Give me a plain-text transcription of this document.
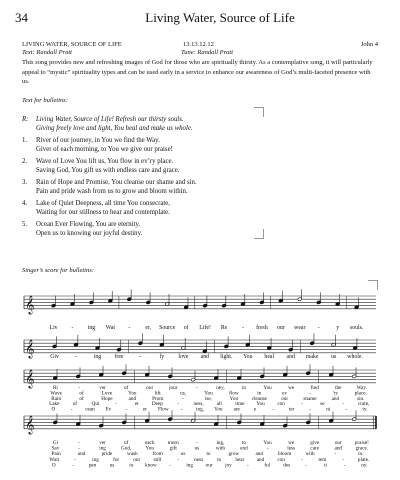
34	Living Water, Source of Life
LIVING WATER, SOURCE OF LIFE	13.13.12.12	John 4
Text: Randall Pratt	Tune: Randall Pratt
This song provides new and refreshing images of God for those who are spiritually thirsty. As a contemplative song, it will particularly appeal to “mystic” spirituality types and can be used early in a service to enhance our awareness of God’s multi-faceted presence with us.
Text for bulletins:
R: Living Water, Source of Life! Refresh our thirsty souls.
Giving freely love and light, You heal and make us whole.
1. River of our journey, in You we find the Way.
Giver of each morning, to You we give our praise!
2. Wave of Love You lift us, You flow in ev’ry place.
Saving God, You gift us with endless care and grace.
3. Rain of Hope and Promise, You cleanse our shame and sin.
Pain and pride wash from us to grow and bloom within.
4. Lake of Quiet Deepness, all time You consecrate,
Waiting for our stillness to hear and contemplate.
5. Ocean Ever Flowing, You are eternity.
Open us to knowing our joyful destiny.
Singer’s score for bulletins:
𝄞
Liv - ing Wat -	er, Source of Life! Re	- fresh our wear -	y souls.
𝄞	Giv	-	ing free	-	ly love and light. You heal and make us whole.
𝄞
Ri	-	ver	of	our	jour	-	ney,	in	You	we	find	the	Way.
Wave	of	Love	You	lift	us,	You	flow	in	ev	-	'ry	place.
Rain	of	Hope	and	Prom	-	ise,	You	cleanse	our	shame	and	sin.
Lake	of	Qui	-	et	Deep	-	ness, all	time You con	-	se	-	crate,
O	- cean Ev	-	er Flow -	ing, You are	e	-	ter	-	ni	-	ty.
𝄞
Gi	-	ver	of	each	morn	-	ing,	to	You	we	give	our	praise!
Sav	-	ing	God,	You	gift	us	with	end	-	less	care	and	grace.
Pain	and	pride	wash	from	us	to	grow	and	bloom	with	-	in.
Wait	-	ing	for	our	still	-	ness	to	hear and	con	-	tem	-	plate.
O	-	pen	us	to know -	ing our joy	-	ful	des	-	ti	-	ny.
